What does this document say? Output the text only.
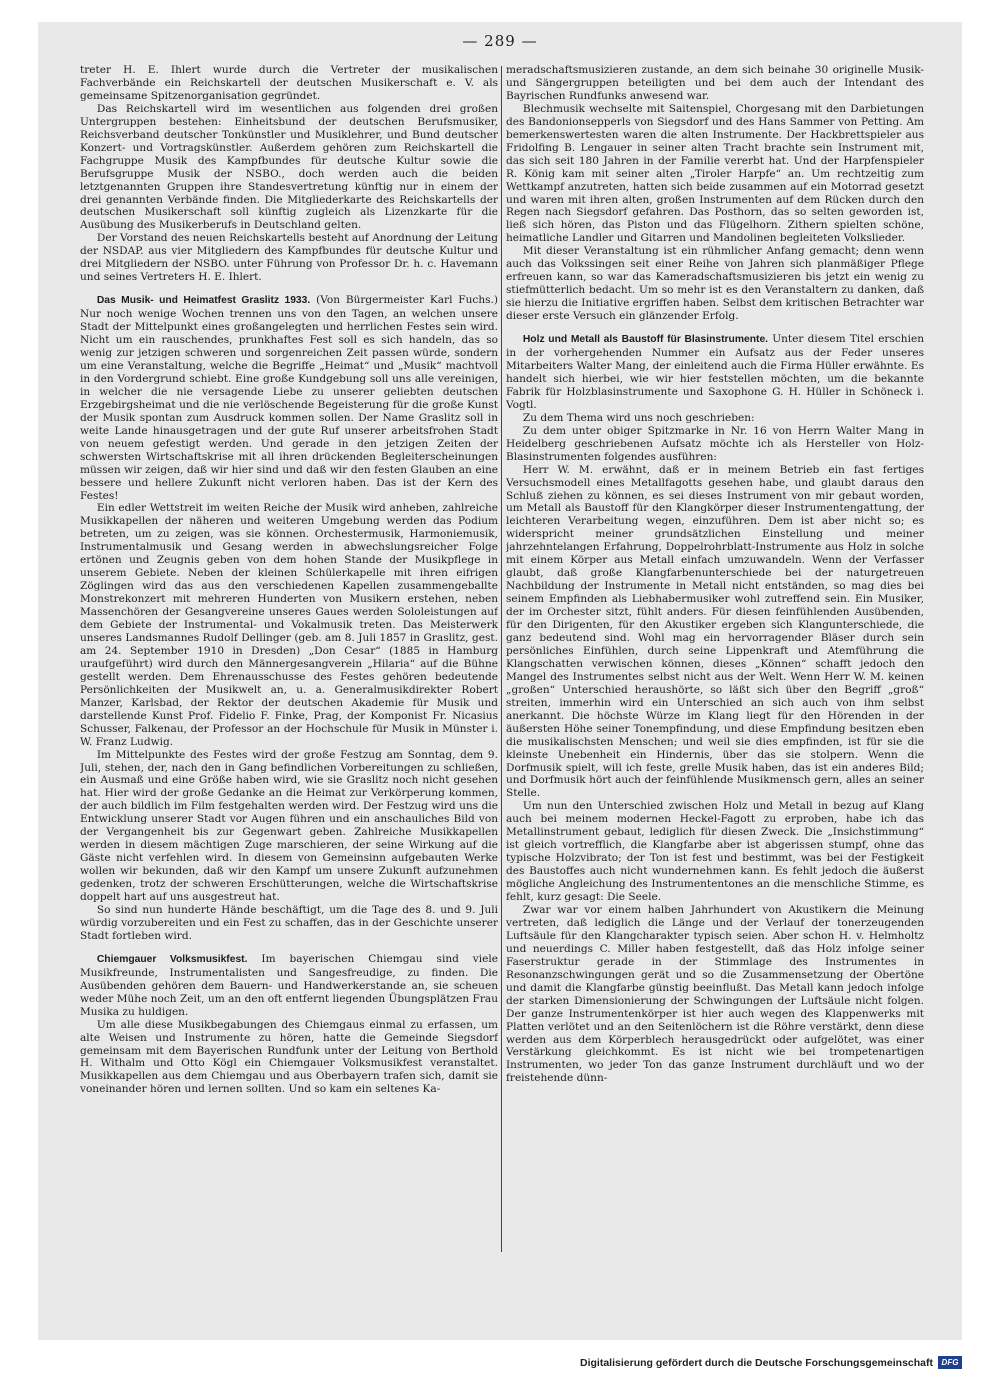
— 289 —

treter H. E. Ihlert wurde durch die Vertreter der musikalischen Fachverbände ein Reichskartell der deutschen Musikerschaft e. V. als gemeinsame Spitzenorganisation gegründet.

Das Reichskartell wird im wesentlichen aus folgenden drei großen Untergruppen bestehen: Einheitsbund der deutschen Berufsmusiker, Reichsverband deutscher Tonkünstler und Musiklehrer, und Bund deutscher Konzert- und Vortragskünstler. Außerdem gehören zum Reichskartell die Fachgruppe Musik des Kampfbundes für deutsche Kultur sowie die Berufsgruppe Musik der NSBO., doch werden auch die beiden letztgenannten Gruppen ihre Standesvertretung künftig nur in einem der drei genannten Verbände finden. Die Mitgliederkarte des Reichskartells der deutschen Musikerschaft soll künftig zugleich als Lizenzkarte für die Ausübung des Musikerberufs in Deutschland gelten.

Der Vorstand des neuen Reichskartells besteht auf Anordnung der Leitung der NSDAP. aus vier Mitgliedern des Kampfbundes für deutsche Kultur und drei Mitgliedern der NSBO. unter Führung von Professor Dr. h. c. Havemann und seines Vertreters H. E. Ihlert.

Das Musik- und Heimatfest Graslitz 1933. (Von Bürgermeister Karl Fuchs.) Nur noch wenige Wochen trennen uns von den Tagen, an welchen unsere Stadt der Mittelpunkt eines großangelegten und herrlichen Festes sein wird. Nicht um ein rauschendes, prunkhaftes Fest soll es sich handeln, das so wenig zur jetzigen schweren und sorgenreichen Zeit passen würde, sondern um eine Veranstaltung, welche die Begriffe „Heimat“ und „Musik“ machtvoll in den Vordergrund schiebt. Eine große Kundgebung soll uns alle vereinigen, in welcher die nie versagende Liebe zu unserer geliebten deutschen Erzgebirgsheimat und die nie verlöschende Begeisterung für die große Kunst der Musik spontan zum Ausdruck kommen sollen. Der Name Graslitz soll in weite Lande hinausgetragen und der gute Ruf unserer arbeitsfrohen Stadt von neuem gefestigt werden. Und gerade in den jetzigen Zeiten der schwersten Wirtschaftskrise mit all ihren drückenden Begleiterscheinungen müssen wir zeigen, daß wir hier sind und daß wir den festen Glauben an eine bessere und hellere Zukunft nicht verloren haben. Das ist der Kern des Festes!

Ein edler Wettstreit im weiten Reiche der Musik wird anheben, zahlreiche Musikkapellen der näheren und weiteren Umgebung werden das Podium betreten, um zu zeigen, was sie können. Orchestermusik, Harmoniemusik, Instrumentalmusik und Gesang werden in abwechslungsreicher Folge ertönen und Zeugnis geben von dem hohen Stande der Musikpflege in unserem Gebiete. Neben der kleinen Schülerkapelle mit ihren eifrigen Zöglingen wird das aus den verschiedenen Kapellen zusammengeballte Monstrekonzert mit mehreren Hunderten von Musikern erstehen, neben Massenchören der Gesangvereine unseres Gaues werden Sololeistungen auf dem Gebiete der Instrumental- und Vokalmusik treten. Das Meisterwerk unseres Landsmannes Rudolf Dellinger (geb. am 8. Juli 1857 in Graslitz, gest. am 24. September 1910 in Dresden) „Don Cesar“ (1885 in Hamburg uraufgeführt) wird durch den Männergesangverein „Hilaria“ auf die Bühne gestellt werden. Dem Ehrenausschusse des Festes gehören bedeutende Persönlichkeiten der Musikwelt an, u. a. Generalmusikdirekter Robert Manzer, Karlsbad, der Rektor der deutschen Akademie für Musik und darstellende Kunst Prof. Fidelio F. Finke, Prag, der Komponist Fr. Nicasius Schusser, Falkenau, der Professor an der Hochschule für Musik in Münster i. W. Franz Ludwig.

Im Mittelpunkte des Festes wird der große Festzug am Sonntag, dem 9. Juli, stehen, der, nach den in Gang befindlichen Vorbereitungen zu schließen, ein Ausmaß und eine Größe haben wird, wie sie Graslitz noch nicht gesehen hat. Hier wird der große Gedanke an die Heimat zur Verkörperung kommen, der auch bildlich im Film festgehalten werden wird. Der Festzug wird uns die Entwicklung unserer Stadt vor Augen führen und ein anschauliches Bild von der Vergangenheit bis zur Gegenwart geben. Zahlreiche Musikkapellen werden in diesem mächtigen Zuge marschieren, der seine Wirkung auf die Gäste nicht verfehlen wird. In diesem von Gemeinsinn aufgebauten Werke wollen wir bekunden, daß wir den Kampf um unsere Zukunft aufzunehmen gedenken, trotz der schweren Erschütterungen, welche die Wirtschaftskrise doppelt hart auf uns ausgestreut hat.

So sind nun hunderte Hände beschäftigt, um die Tage des 8. und 9. Juli würdig vorzubereiten und ein Fest zu schaffen, das in der Geschichte unserer Stadt fortleben wird.

Chiemgauer Volksmusikfest. Im bayerischen Chiemgau sind viele Musikfreunde, Instrumentalisten und Sangesfreudige, zu finden. Die Ausübenden gehören dem Bauern- und Handwerkerstande an, sie scheuen weder Mühe noch Zeit, um an den oft entfernt liegenden Übungsplätzen Frau Musika zu huldigen.

Um alle diese Musikbegabungen des Chiemgaus einmal zu erfassen, um alte Weisen und Instrumente zu hören, hatte die Gemeinde Siegsdorf gemeinsam mit dem Bayerischen Rundfunk unter der Leitung von Berthold H. Withalm und Otto Kögl ein Chiemgauer Volksmusikfest veranstaltet. Musikkapellen aus dem Chiemgau und aus Oberbayern trafen sich, damit sie voneinander hören und lernen sollten. Und so kam ein seltenes Ka-

meradschaftsmusizieren zustande, an dem sich beinahe 30 originelle Musik- und Sängergruppen beteiligten und bei dem auch der Intendant des Bayrischen Rundfunks anwesend war.

Blechmusik wechselte mit Saitenspiel, Chorgesang mit den Darbietungen des Bandonionsepperls von Siegsdorf und des Hans Sammer von Petting. Am bemerkenswertesten waren die alten Instrumente. Der Hackbrettspieler aus Fridolfing B. Lengauer in seiner alten Tracht brachte sein Instrument mit, das sich seit 180 Jahren in der Familie vererbt hat. Und der Harpfenspieler R. König kam mit seiner alten „Tiroler Harpfe“ an. Um rechtzeitig zum Wettkampf anzutreten, hatten sich beide zusammen auf ein Motorrad gesetzt und waren mit ihren alten, großen Instrumenten auf dem Rücken durch den Regen nach Siegsdorf gefahren. Das Posthorn, das so selten geworden ist, ließ sich hören, das Piston und das Flügelhorn. Zithern spielten schöne, heimatliche Landler und Gitarren und Mandolinen begleiteten Volkslieder.

Mit dieser Veranstaltung ist ein rühmlicher Anfang gemacht; denn wenn auch das Volkssingen seit einer Reihe von Jahren sich planmäßiger Pflege erfreuen kann, so war das Kameradschaftsmusizieren bis jetzt ein wenig zu stiefmütterlich bedacht. Um so mehr ist es den Veranstaltern zu danken, daß sie hierzu die Initiative ergriffen haben. Selbst dem kritischen Betrachter war dieser erste Versuch ein glänzender Erfolg.

Holz und Metall als Baustoff für Blasinstrumente. Unter diesem Titel erschien in der vorhergehenden Nummer ein Aufsatz aus der Feder unseres Mitarbeiters Walter Mang, der einleitend auch die Firma Hüller erwähnte. Es handelt sich hierbei, wie wir hier feststellen möchten, um die bekannte Fabrik für Holzblasinstrumente und Saxophone G. H. Hüller in Schöneck i. Vogtl.

Zu dem Thema wird uns noch geschrieben:

Zu dem unter obiger Spitzmarke in Nr. 16 von Herrn Walter Mang in Heidelberg geschriebenen Aufsatz möchte ich als Hersteller von Holz-Blasinstrumenten folgendes ausführen:

Herr W. M. erwähnt, daß er in meinem Betrieb ein fast fertiges Versuchsmodell eines Metallfagotts gesehen habe, und glaubt daraus den Schluß ziehen zu können, es sei dieses Instrument von mir gebaut worden, um Metall als Baustoff für den Klangkörper dieser Instrumentengattung, der leichteren Verarbeitung wegen, einzuführen. Dem ist aber nicht so; es widerspricht meiner grundsätzlichen Einstellung und meiner jahrzehntelangen Erfahrung, Doppelrohrblatt-Instrumente aus Holz in solche mit einem Körper aus Metall einfach umzuwandeln. Wenn der Verfasser glaubt, daß große Klangfarbenunterschiede bei der naturgetreuen Nachbildung der Instrumente in Metall nicht entständen, so mag dies bei seinem Empfinden als Liebhabermusiker wohl zutreffend sein. Ein Musiker, der im Orchester sitzt, fühlt anders. Für diesen feinfühlenden Ausübenden, für den Dirigenten, für den Akustiker ergeben sich Klangunterschiede, die ganz bedeutend sind. Wohl mag ein hervorragender Bläser durch sein persönliches Einfühlen, durch seine Lippenkraft und Atemführung die Klangschatten verwischen können, dieses „Können“ schafft jedoch den Mangel des Instrumentes selbst nicht aus der Welt. Wenn Herr W. M. keinen „großen“ Unterschied heraushörte, so läßt sich über den Begriff „groß“ streiten, immerhin wird ein Unterschied an sich auch von ihm selbst anerkannt. Die höchste Würze im Klang liegt für den Hörenden in der äußersten Höhe seiner Tonempfindung, und diese Empfindung besitzen eben die musikalischsten Menschen; und weil sie dies empfinden, ist für sie die kleinste Unebenheit ein Hindernis, über das sie stolpern. Wenn die Dorfmusik spielt, will ich feste, grelle Musik haben, das ist ein anderes Bild; und Dorfmusik hört auch der feinfühlende Musikmensch gern, alles an seiner Stelle.

Um nun den Unterschied zwischen Holz und Metall in bezug auf Klang auch bei meinem modernen Heckel-Fagott zu erproben, habe ich das Metallinstrument gebaut, lediglich für diesen Zweck. Die „Insichstimmung“ ist gleich vortrefflich, die Klangfarbe aber ist abgerissen stumpf, ohne das typische Holzvibrato; der Ton ist fest und bestimmt, was bei der Festigkeit des Baustoffes auch nicht wundernehmen kann. Es fehlt jedoch die äußerst mögliche Angleichung des Instrumententones an die menschliche Stimme, es fehlt, kurz gesagt: Die Seele.

Zwar war vor einem halben Jahrhundert von Akustikern die Meinung vertreten, daß lediglich die Länge und der Verlauf der tonerzeugenden Luftsäule für den Klangcharakter typisch seien. Aber schon H. v. Helmholtz und neuerdings C. Miller haben festgestellt, daß das Holz infolge seiner Faserstruktur gerade in der Stimmlage des Instrumentes in Resonanzschwingungen gerät und so die Zusammensetzung der Obertöne und damit die Klangfarbe günstig beeinflußt. Das Metall kann jedoch infolge der starken Dimensionierung der Schwingungen der Luftsäule nicht folgen. Der ganze Instrumentenkörper ist hier auch wegen des Klappenwerks mit Platten verlötet und an den Seitenlöchern ist die Röhre verstärkt, denn diese werden aus dem Körperblech herausgedrückt oder aufgelötet, was einer Verstärkung gleichkommt. Es ist nicht wie bei trompetenartigen Instrumenten, wo jeder Ton das ganze Instrument durchläuft und wo der freistehende dünn-

Digitalisierung gefördert durch die Deutsche Forschungsgemeinschaft	DFG
